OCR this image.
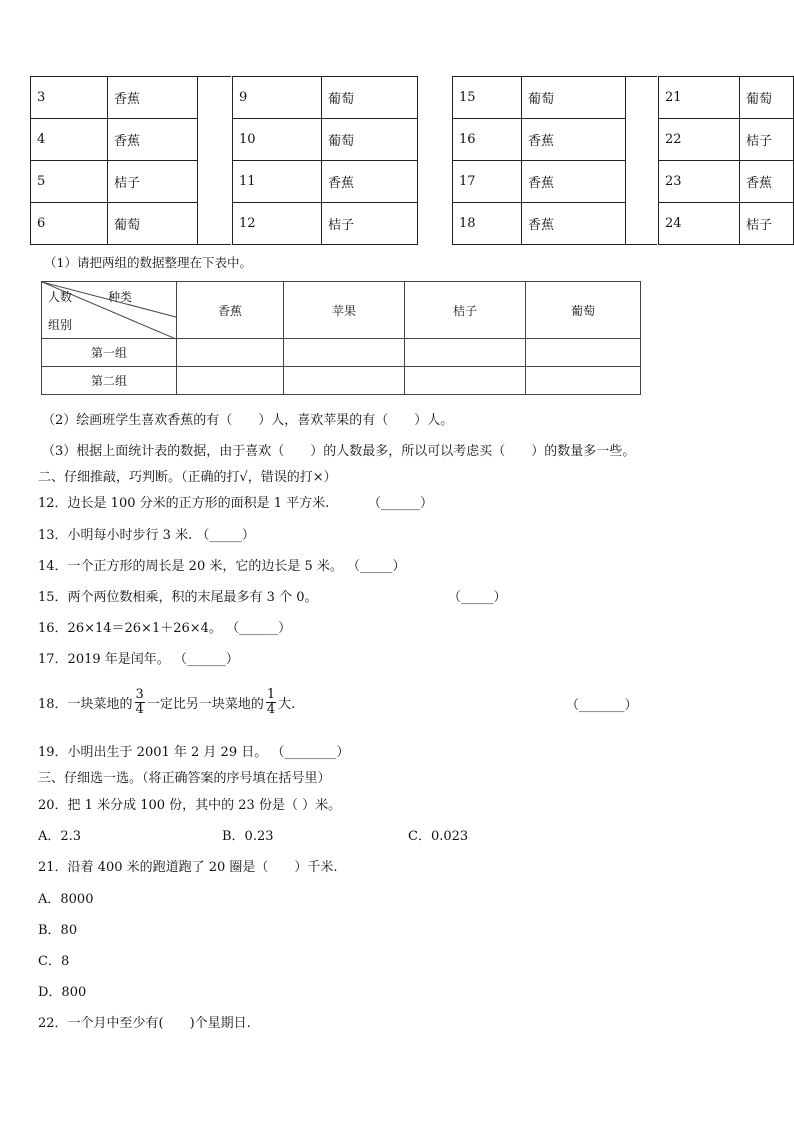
3	香蕉
4	香蕉
5	桔子
6	葡萄
9	葡萄
10	葡萄
11	香蕉
12	桔子
15	葡萄
16	香蕉
17	香蕉
18	香蕉
21	葡萄
22	桔子
23	香蕉
24	桔子
（1）请把两组的数据整理在下表中。
人数 种类
组别	香蕉	苹果	桔子	葡萄
第一组				
第二组				
（2）绘画班学生喜欢香蕉的有（　　）人，喜欢苹果的有（　　）人。
（3）根据上面统计表的数据，由于喜欢（　　）的人数最多，所以可以考虑买（　　）的数量多一些。
二、仔细推敲，巧判断。（正确的打√，错误的打×）
12．边长是 100 分米的正方形的面积是 1 平方米.	（______）
13．小明每小时步行 3 米. （_____）
14．一个正方形的周长是 20 米，它的边长是 5 米。 （_____）
15．两个两位数相乘，积的末尾最多有 3 个 0。	（_____）
16．26×14＝26×1＋26×4。 （______）
17．2019 年是闰年。 （______）
18．一块菜地的 $\frac{3}{4}$ 一定比另一块菜地的 $\frac{1}{4}$ 大.	（_______）
19．小明出生于 2001 年 2 月 29 日。 （________）
三、仔细选一选。（将正确答案的序号填在括号里）
20．把 1 米分成 100 份，其中的 23 份是（ ）米。
A．2.3	B．0.23	C．0.023
21．沿着 400 米的跑道跑了 20 圈是（　　）千米.
A．8000
B．80
C．8
D．800
22．一个月中至少有(　　)个星期日.
